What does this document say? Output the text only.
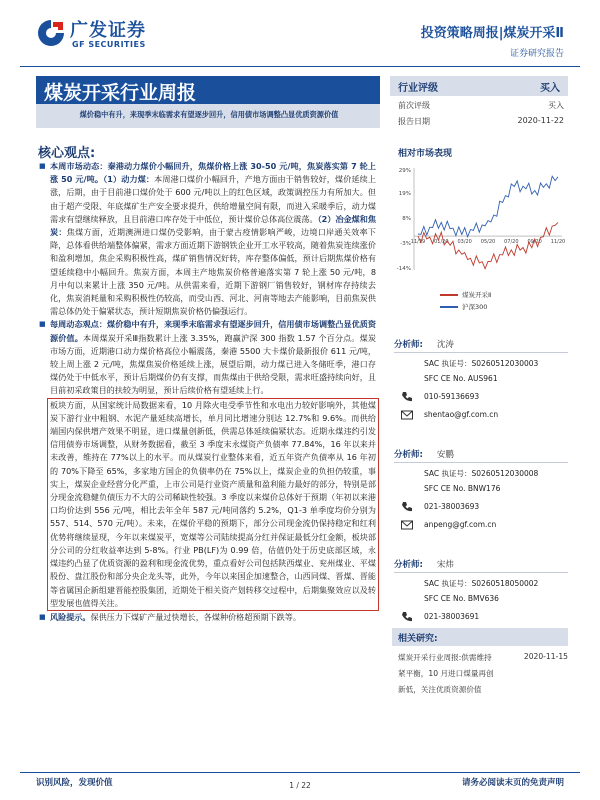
广发证券
GF SECURITIES
投资策略周报|煤炭开采Ⅱ
证券研究报告
煤炭开采行业周报
煤价稳中有升，来现季末临需求有望逐步回升，信用债市场调整凸显优质资源价值
行业评级	买入
前次评级	买入
报告日期	2020-11-22
核心观点:

■ 本周市场动态：秦港动力煤价小幅回升，焦煤价格上涨 30-50 元/吨，焦炭落实第 7 轮上涨 50 元/吨。（1）动力煤：本周港口煤价小幅回升，产地方面由于销售较好，煤价延续上涨，后期，由于目前港口煤价处于 600 元/吨以上的红色区域，政策调控压力有所加大。但由于超产受限、年底煤矿生产安全要求提升，供给增量空间有限，而进入采暖季后，动力煤需求有望继续释放，且目前港口库存处于中低位，预计煤价总体高位震荡。（2）冶金煤和焦炭：焦煤方面，近期澳洲进口煤仍受影响，由于蒙古疫情影响严峻，边境口岸通关效率下降，总体看供给端整体偏紧，需求方面近期下游钢铁企业开工水平较高，随着焦炭连续涨价和盈利增加，焦企采购积极性高，煤矿销售情况好转，库存整体偏低，预计后期焦煤价格有望延续稳中小幅回升。焦炭方面，本周主产地焦炭价格普遍落实第 7 轮上涨 50 元/吨，8 月中旬以来累计上涨 350 元/吨。从供需来看，近期下游钢厂销售较好，钢材库存持续去化，焦炭消耗量和采购积极性仍较高，而受山西、河北、河南等地去产能影响，目前焦炭供需总体仍处于偏紧状态，预计短期焦炭价格仍偏强运行。

■ 每周动态观点：煤价稳中有升，来现季末临需求有望逐步回升，信用债市场调整凸显优质资源价值。本周煤炭开采Ⅲ指数累计上涨 3.35%，跑赢沪深 300 指数 1.57 个百分点。煤炭市场方面，近期港口动力煤价格高位小幅震荡，秦港 5500 大卡煤价最新报价 611 元/吨，较上周上涨 2 元/吨，焦煤焦炭价格延续上涨，展望后期，动力煤已进入冬储旺季，港口存煤仍处于中低水平，预计后期煤价仍有支撑，而焦煤由于供给受限，需求旺盛持续向好，且目前初采政策目的扶较为明显，预计后续价格有望延续上行。

板块方面，从国家统计局数据来看，10 月除火电受季节性和水电出力较好影响外，其他煤炭下游行业中粗钢、水泥产量延续高增长，单月同比增速分别达 12.7%和 9.6%。而供给端国内保供增产效果不明显，进口煤量创新低，供需总体延续偏紧状态。近期永煤违约引发信用债券市场调整，从财务数据看，截至 3 季度末永煤资产负债率 77.84%，16 年以来并未改善，维持在 77%以上的水平。而从煤炭行业整体来看，近五年资产负债率从 16 年初的 70%下降至 65%，多家地方国企的负债率仍在 75%以上，煤炭企业的负担仍较重，事实上，煤炭企业经营分化严重，上市公司是行业资产质量和盈利能力最好的部分，特别是部分现金流稳健负债压力不大的公司稀缺性较强。3 季度以来煤价总体好于预期（年初以来港口均价达到 556 元/吨，相比去年全年 587 元/吨同落约 5.2%，Q1-3 单季度均价分别为 557、514、570 元/吨）。未来，在煤价平稳的预期下，部分公司现金流仍保持稳定和红利优势将继续显现，今年以来煤炭平，宽煤等公司陆续提高分红并保证最低分红金额，板块部分公司的分红收益率达到 5-8%。行业 PB(LF)为 0.99 倍，估值仍处于历史底部区域，永煤违约凸显了优质资源的盈利和现金流优势，重点看好公司包括陕西煤业、兖州煤业、平煤股份、盘江股份和部分央企龙头等，此外，今年以来国企加速整合，山西同煤、晋煤、晋能等省属国企新组建晋能控股集团，近期处于相关资产划转移交过程中，后期集聚效应以及转型发展也值得关注。

■ 风险提示。保供压力下煤矿产量过快增长，各煤种价格超预期下跌等。

相对市场表现
29%
19%
8%
-3%
-14%
11/19 01/20 03/20 05/20 07/20 09/20 11/20
煤炭开采Ⅱ
沪深300
分析师: 沈涛
SAC 执证号：S0260512030003
SFC CE No. AUS961
010-59136693
shentao@gf.com.cn
分析师: 安鹏
SAC 执证号：S0260512030008
SFC CE No. BNW176
021-38003693
anpeng@gf.com.cn
分析师: 宋炜
SAC 执证号：S0260518050002
SFC CE No. BMV636
021-38003691
相关研究:
煤炭开采行业周报:供需维持	2020-11-15
紧平衡，10 月进口煤量再创
新低，关注优质资源价值
识别风险，发现价值	请务必阅读末页的免责声明
1 / 22
